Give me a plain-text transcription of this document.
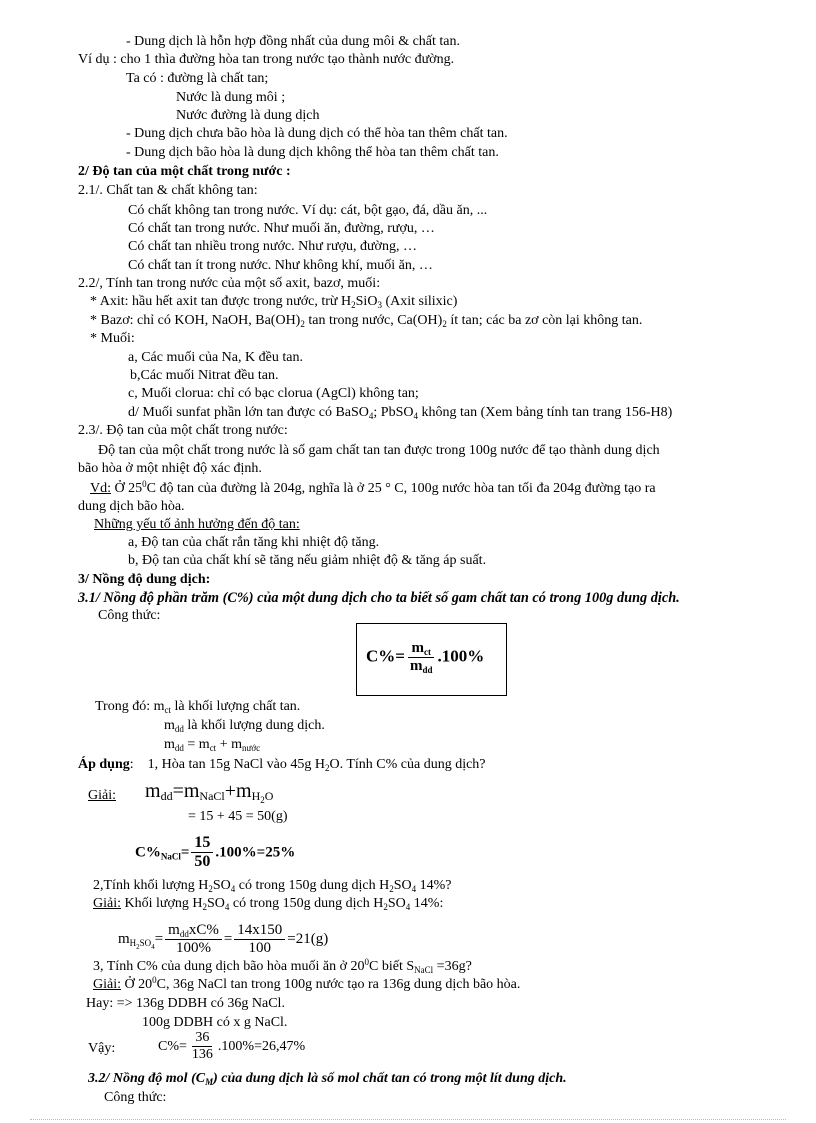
- Dung dịch là hỗn hợp đồng nhất của dung môi & chất tan.
Ví dụ : cho 1 thìa đường hòa tan trong nước tạo thành nước đường.
Ta có : đường là chất tan;
Nước là dung môi ;
Nước đường là dung dịch
- Dung dịch chưa bão hòa là dung dịch có thể hòa tan thêm chất tan.
- Dung dịch bão hòa là dung dịch không thể hòa tan thêm chất tan.
2/ Độ tan của một chất trong nước :
2.1/. Chất tan & chất không tan:
Có chất không tan trong nước. Ví dụ: cát, bột gạo, đá, dầu ăn, ...
Có chất tan trong nước. Như muối ăn, đường, rượu, …
Có chất tan nhiều trong nước. Như rượu, đường, …
Có chất tan ít trong nước. Như không khí, muối ăn, …
2.2/, Tính tan trong nước của một số axit, bazơ, muối:
* Axit: hầu hết axit tan được trong nước, trừ $H_2SiO_3$ (Axit silixic)
* Bazơ: chỉ có KOH, NaOH, $Ba(OH)_2$ tan trong nước, $Ca(OH)_2$ ít tan; các ba zơ còn lại không tan.
* Muối:
a, Các muối của Na, K đều tan.
b,Các muối Nitrat đều tan.
c, Muối clorua: chỉ có bạc clorua (AgCl) không tan;
d/ Muối sunfat phần lớn tan được có BaSO$_4$; PbSO$_4$ không tan (Xem bảng tính tan trang 156-H8)
2.3/. Độ tan của một chất trong nước:
Độ tan của một chất trong nước là số gam chất tan tan được trong 100g nước để tạo thành dung dịch
bão hòa ở một nhiệt độ xác định.
Vd: Ở $25^0C$ độ tan của đường là 204g, nghĩa là ở 25 ° C, 100g nước hòa tan tối đa 204g đường tạo ra
dung dịch bão hòa.
Những yếu tố ảnh hưởng đến độ tan:
a, Độ tan của chất rắn tăng khi nhiệt độ tăng.
b, Độ tan của chất khí sẽ tăng nếu giảm nhiệt độ & tăng áp suất.
3/ Nồng độ dung dịch:
3.1/ Nồng độ phần trăm (C%) của một dung dịch cho ta biết số gam chất tan có trong 100g dung dịch.
Công thức:
$C\%= \frac{m_{ct}}{m_{dd}} .100\%$
Trong đó: $m_{ct}$ là khối lượng chất tan.
$m_{dd}$ là khối lượng dung dịch.
$m_{dd} = m_{ct} + m_{nước}$
Áp dụng:    1, Hòa tan 15g NaCl vào 45g $H_2O$. Tính C% của dung dịch?
Giải: $m_{dd}=m_{NaCl}+m_{H_2O}$
= 15 + 45 = 50(g)
$C\%_{NaCl}= \frac{15}{50} .100\%=25\%$
2,Tính khối lượng $H_2SO_4$ có trong 150g dung dịch $H_2SO_4$ 14%?
Giải: Khối lượng $H_2SO_4$ có trong 150g dung dịch $H_2SO_4$ 14%:
$m_{H_2SO_4}= \frac{m_{dd}xC\%}{100\%} = \frac{14x150}{100} =21(g)$
3, Tính C% của dung dịch bão hòa muối ăn ở $20^0C$ biết $S_{NaCl} =36g$?
Giải: Ở $20^0C$, 36g NaCl tan trong 100g nước tạo ra 136g dung dịch bão hòa.
Hay: => 136g DDBH có 36g NaCl.
100g DDBH có x g NaCl.
Vậy:	$C\%= \frac{36}{136} .100\%=26,47\%$
3.2/ Nồng độ mol $(C_M)$ của dung dịch là số mol chất tan có trong một lít dung dịch.
Công thức:
